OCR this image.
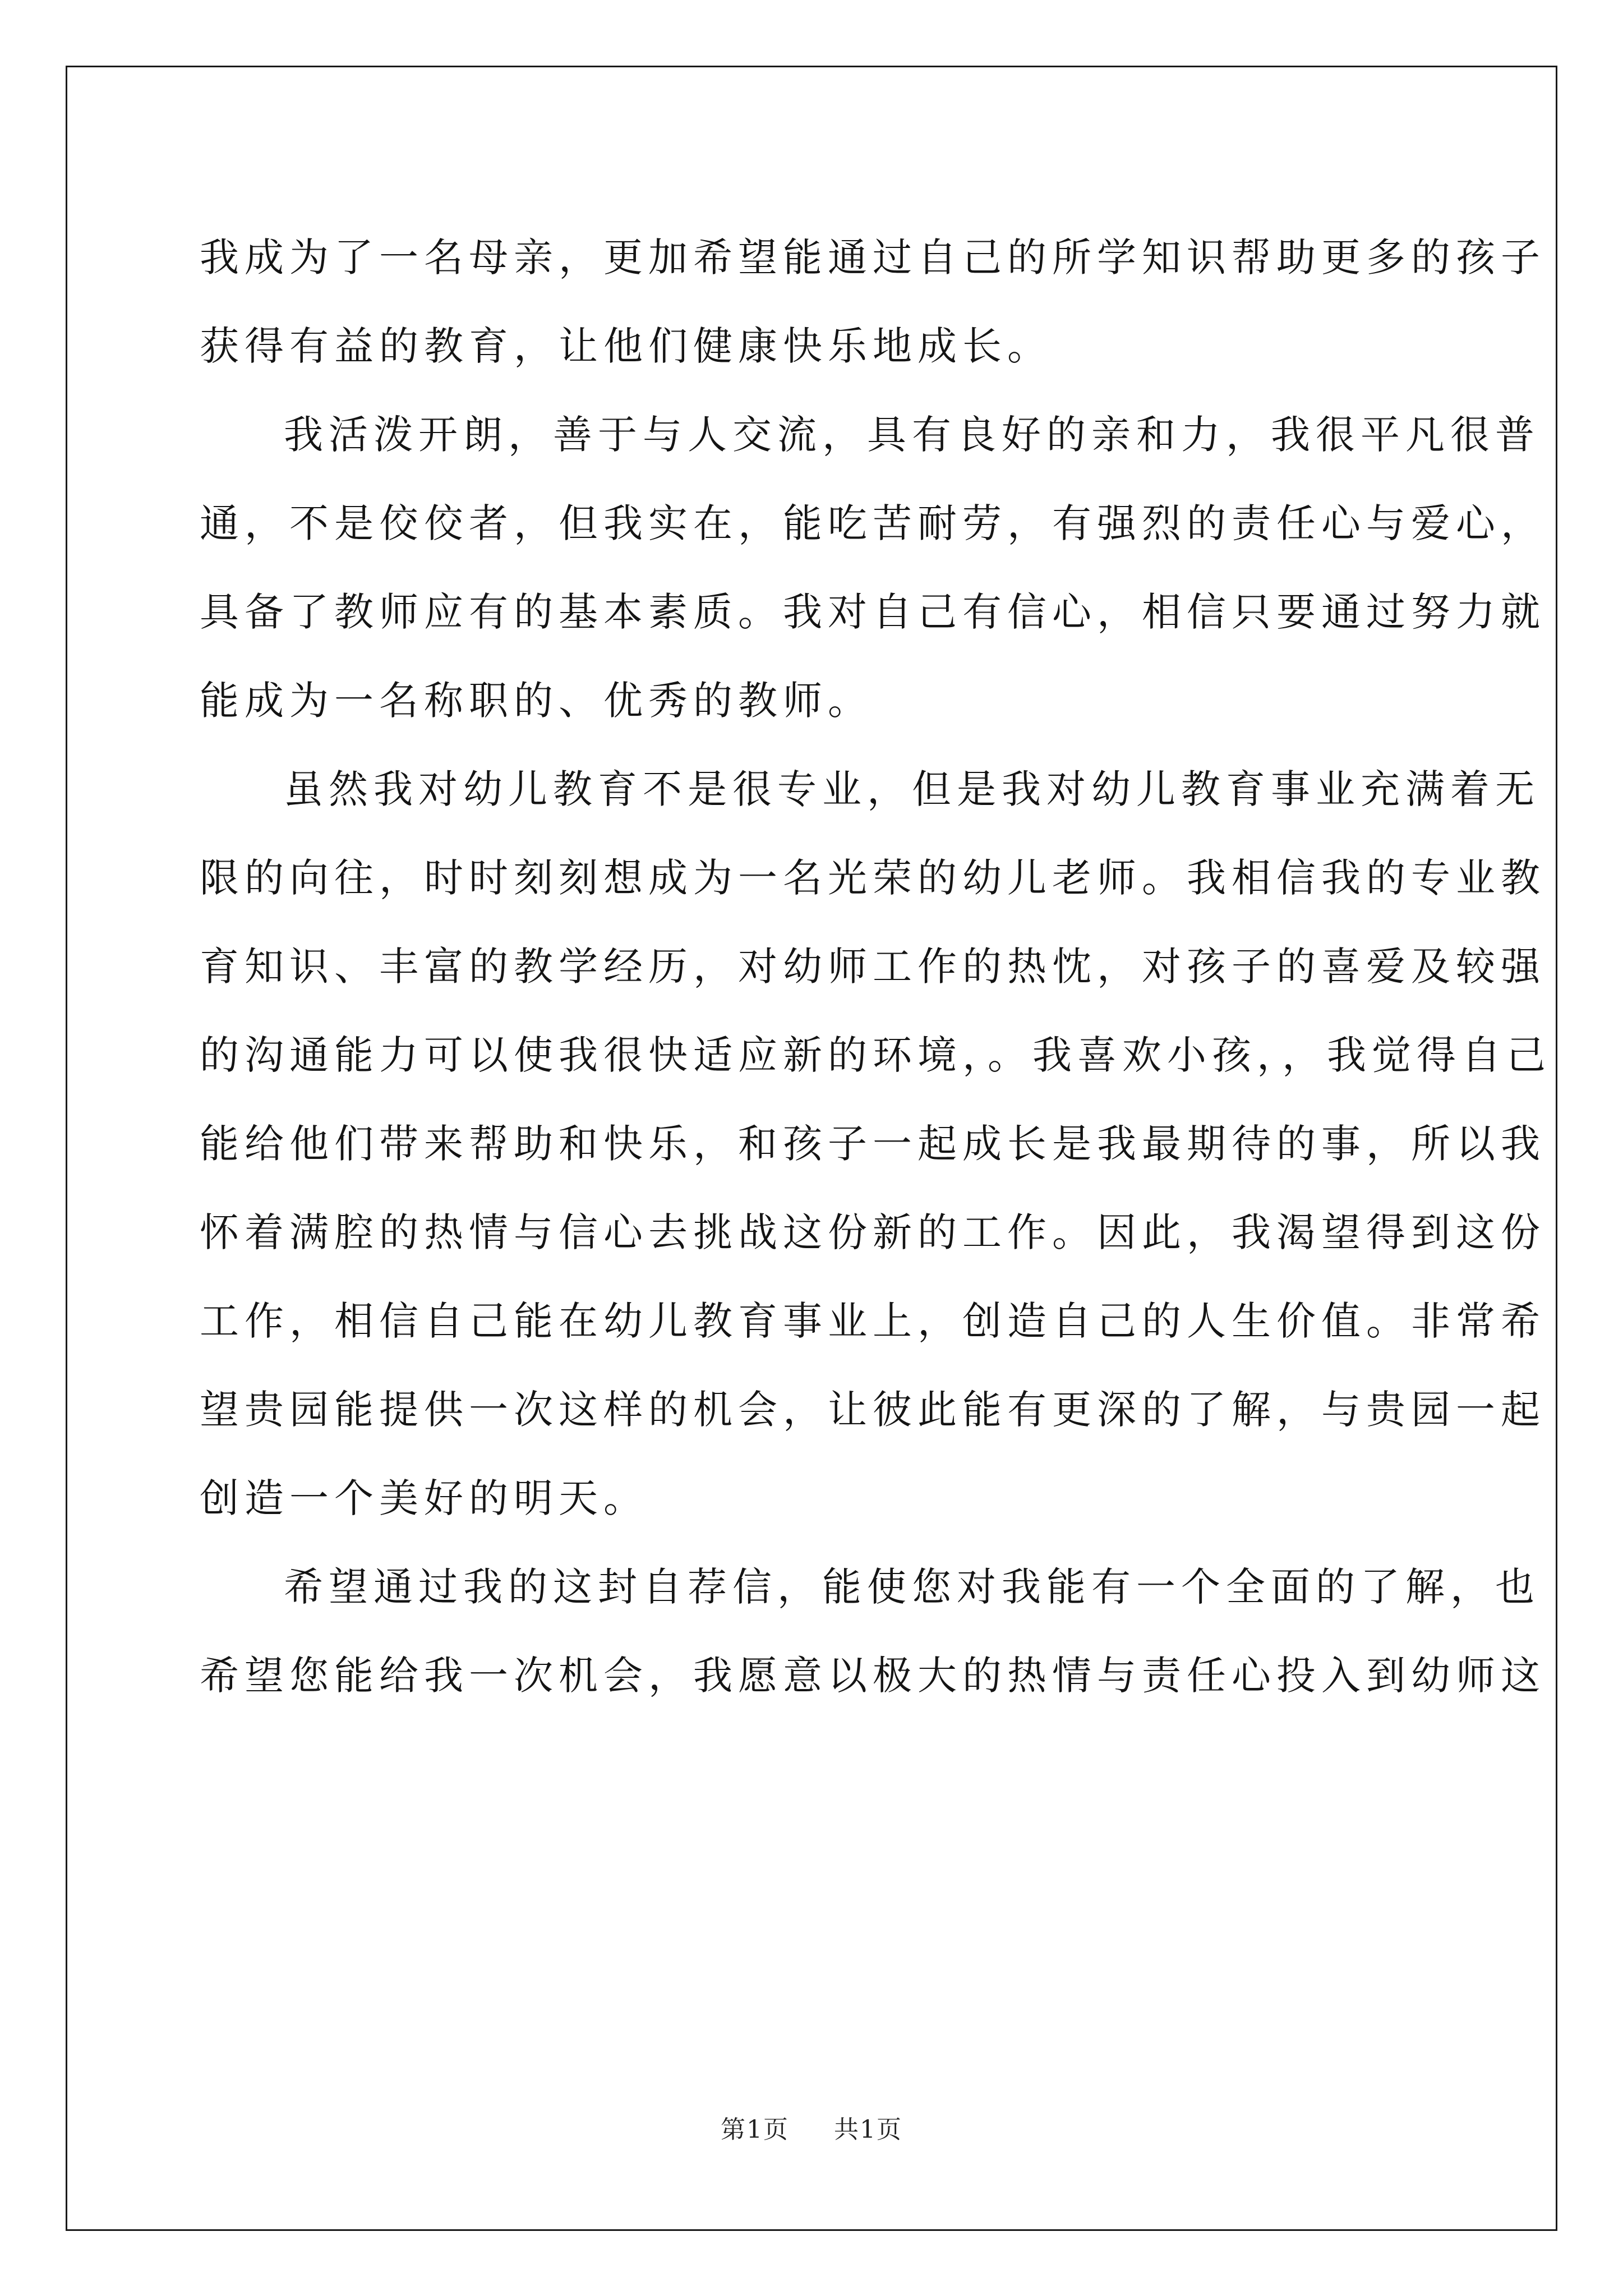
我成为了一名母亲，更加希望能通过自己的所学知识帮助更多的孩子
获得有益的教育，让他们健康快乐地成长。

我活泼开朗，善于与人交流，具有良好的亲和力，我很平凡很普
通，不是佼佼者，但我实在，能吃苦耐劳，有强烈的责任心与爱心，
具备了教师应有的基本素质。我对自己有信心，相信只要通过努力就
能成为一名称职的、优秀的教师。

虽然我对幼儿教育不是很专业，但是我对幼儿教育事业充满着无
限的向往，时时刻刻想成为一名光荣的幼儿老师。我相信我的专业教
育知识、丰富的教学经历，对幼师工作的热忱，对孩子的喜爱及较强
的沟通能力可以使我很快适应新的环境，。我喜欢小孩，，我觉得自己
能给他们带来帮助和快乐，和孩子一起成长是我最期待的事，所以我
怀着满腔的热情与信心去挑战这份新的工作。因此，我渴望得到这份
工作，相信自己能在幼儿教育事业上，创造自己的人生价值。非常希
望贵园能提供一次这样的机会，让彼此能有更深的了解，与贵园一起
创造一个美好的明天。

希望通过我的这封自荐信，能使您对我能有一个全面的了解，也
希望您能给我一次机会，我愿意以极大的热情与责任心投入到幼师这

第1页 共1页
